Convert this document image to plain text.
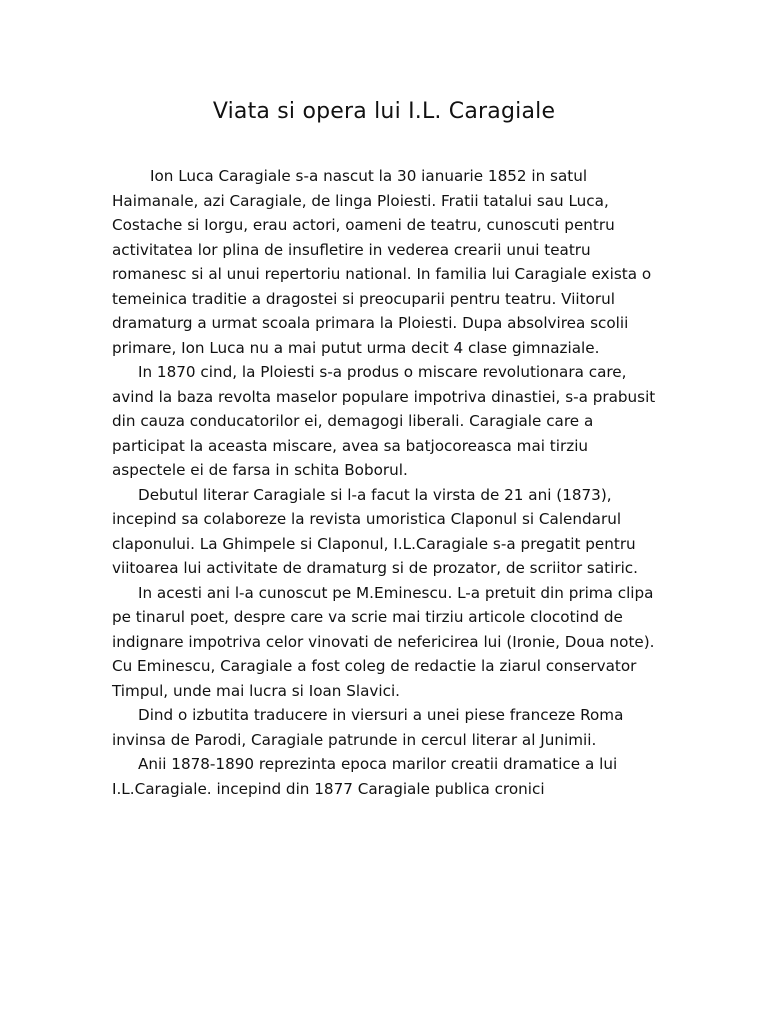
Viata si opera lui I.L. Caragiale

Ion Luca Caragiale s-a nascut la 30 ianuarie 1852 in satul Haimanale, azi Caragiale, de linga Ploiesti. Fratii tatalui sau Luca, Costache si Iorgu, erau actori, oameni de teatru, cunoscuti pentru activitatea lor plina de insufletire in vederea crearii unui teatru romanesc si al unui repertoriu national. In familia lui Caragiale exista o temeinica traditie a dragostei si preocuparii pentru teatru. Viitorul dramaturg a urmat scoala primara la Ploiesti. Dupa absolvirea scolii primare, Ion Luca nu a mai putut urma decit 4 clase gimnaziale.

In 1870 cind, la Ploiesti s-a produs o miscare revolutionara care, avind la baza revolta maselor populare impotriva dinastiei, s-a prabusit din cauza conducatorilor ei, demagogi liberali. Caragiale care a participat la aceasta miscare, avea sa batjocoreasca mai tirziu aspectele ei de farsa in schita Boborul.

Debutul literar Caragiale si l-a facut la virsta de 21 ani (1873), incepind sa colaboreze la revista umoristica Claponul si Calendarul claponului. La Ghimpele si Claponul, I.L.Caragiale s-a pregatit pentru viitoarea lui activitate de dramaturg si de prozator, de scriitor satiric.

In acesti ani l-a cunoscut pe M.Eminescu. L-a pretuit din prima clipa pe tinarul poet, despre care va scrie mai tirziu articole clocotind de indignare impotriva celor vinovati de nefericirea lui (Ironie, Doua note). Cu Eminescu, Caragiale a fost coleg de redactie la ziarul conservator Timpul, unde mai lucra si Ioan Slavici.

Dind o izbutita traducere in viersuri a unei piese franceze Roma invinsa de Parodi, Caragiale patrunde in cercul literar al Junimii.

Anii 1878-1890 reprezinta epoca marilor creatii dramatice a lui I.L.Caragiale. incepind din 1877 Caragiale publica cronici
